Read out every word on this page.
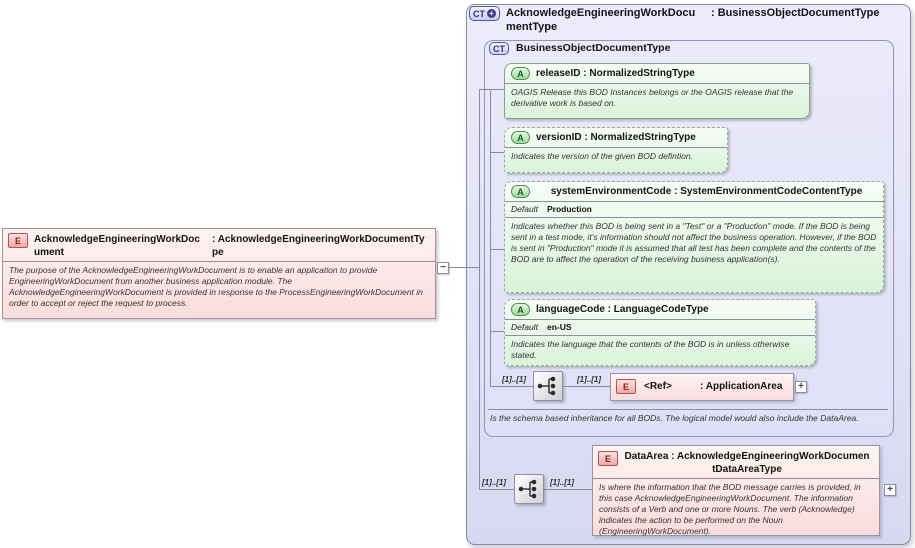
CT + AcknowledgeEngineeringWorkDocumentType
: BusinessObjectDocumentType
CT BusinessObjectDocumentType
A	releaseID : NormalizedStringType
OAGIS Release this BOD Instances belongs or the OAGIS release that the derivative work is based on.
A	versionID : NormalizedStringType
Indicates the version of the given BOD defintion.
A	systemEnvironmentCode : SystemEnvironmentCodeContentType
Default	Production
Indicates whether this BOD is being sent in a "Test" or a "Production" mode. If the BOD is being sent in a test mode, it's information should not affect the business operation. However, if the BOD is sent in "Production" mode it is assumed that all test has been complete and the contents of the BOD are to affect the operation of the receiving business application(s).
A	languageCode : LanguageCodeType
Default	en-US
Indicates the language that the contents of the BOD is in unless otherwise stated.
[1]..[1]	[1]..[1]
E	<Ref>	: ApplicationArea	+
Is the schema based inheritance for all BODs. The logical model would also include the DataArea.
[1]..[1]	[1]..[1]
E	DataArea : AcknowledgeEngineeringWorkDocumentDataAreaType
Is where the information that the BOD message carries is provided, in this case AcknowledgeEngineeringWorkDocument. The information consists of a Verb and one or more Nouns. The verb (Acknowledge) indicates the action to be performed on the Noun (EngineeringWorkDocument).
+
E	AcknowledgeEngineeringWorkDocument
: AcknowledgeEngineeringWorkDocumentType
The purpose of the AcknowledgeEngineeringWorkDocument is to enable an application to provide EngineeringWorkDocument from another business application module. The AcknowledgeEngineeringWorkDocument is provided in response to the ProcessEngineeringWorkDocument in order to accept or reject the request to process.
−
